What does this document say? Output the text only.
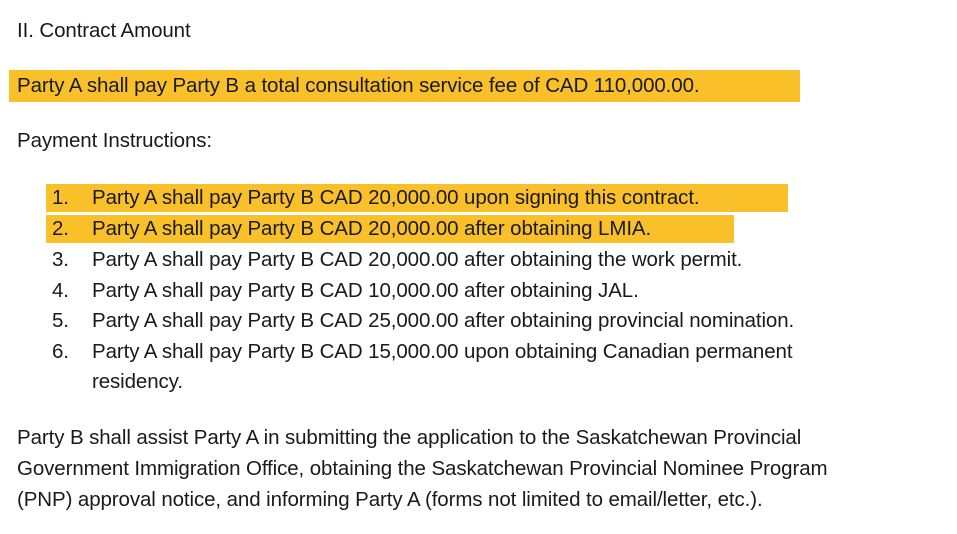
II. Contract Amount
Party A shall pay Party B a total consultation service fee of CAD 110,000.00.
Payment Instructions:
1.	Party A shall pay Party B CAD 20,000.00 upon signing this contract.
2.	Party A shall pay Party B CAD 20,000.00 after obtaining LMIA.
3.	Party A shall pay Party B CAD 20,000.00 after obtaining the work permit.
4.	Party A shall pay Party B CAD 10,000.00 after obtaining JAL.
5.	Party A shall pay Party B CAD 25,000.00 after obtaining provincial nomination.
6.	Party A shall pay Party B CAD 15,000.00 upon obtaining Canadian permanent
residency.
Party B shall assist Party A in submitting the application to the Saskatchewan Provincial
Government Immigration Office, obtaining the Saskatchewan Provincial Nominee Program
(PNP) approval notice, and informing Party A (forms not limited to email/letter, etc.).
